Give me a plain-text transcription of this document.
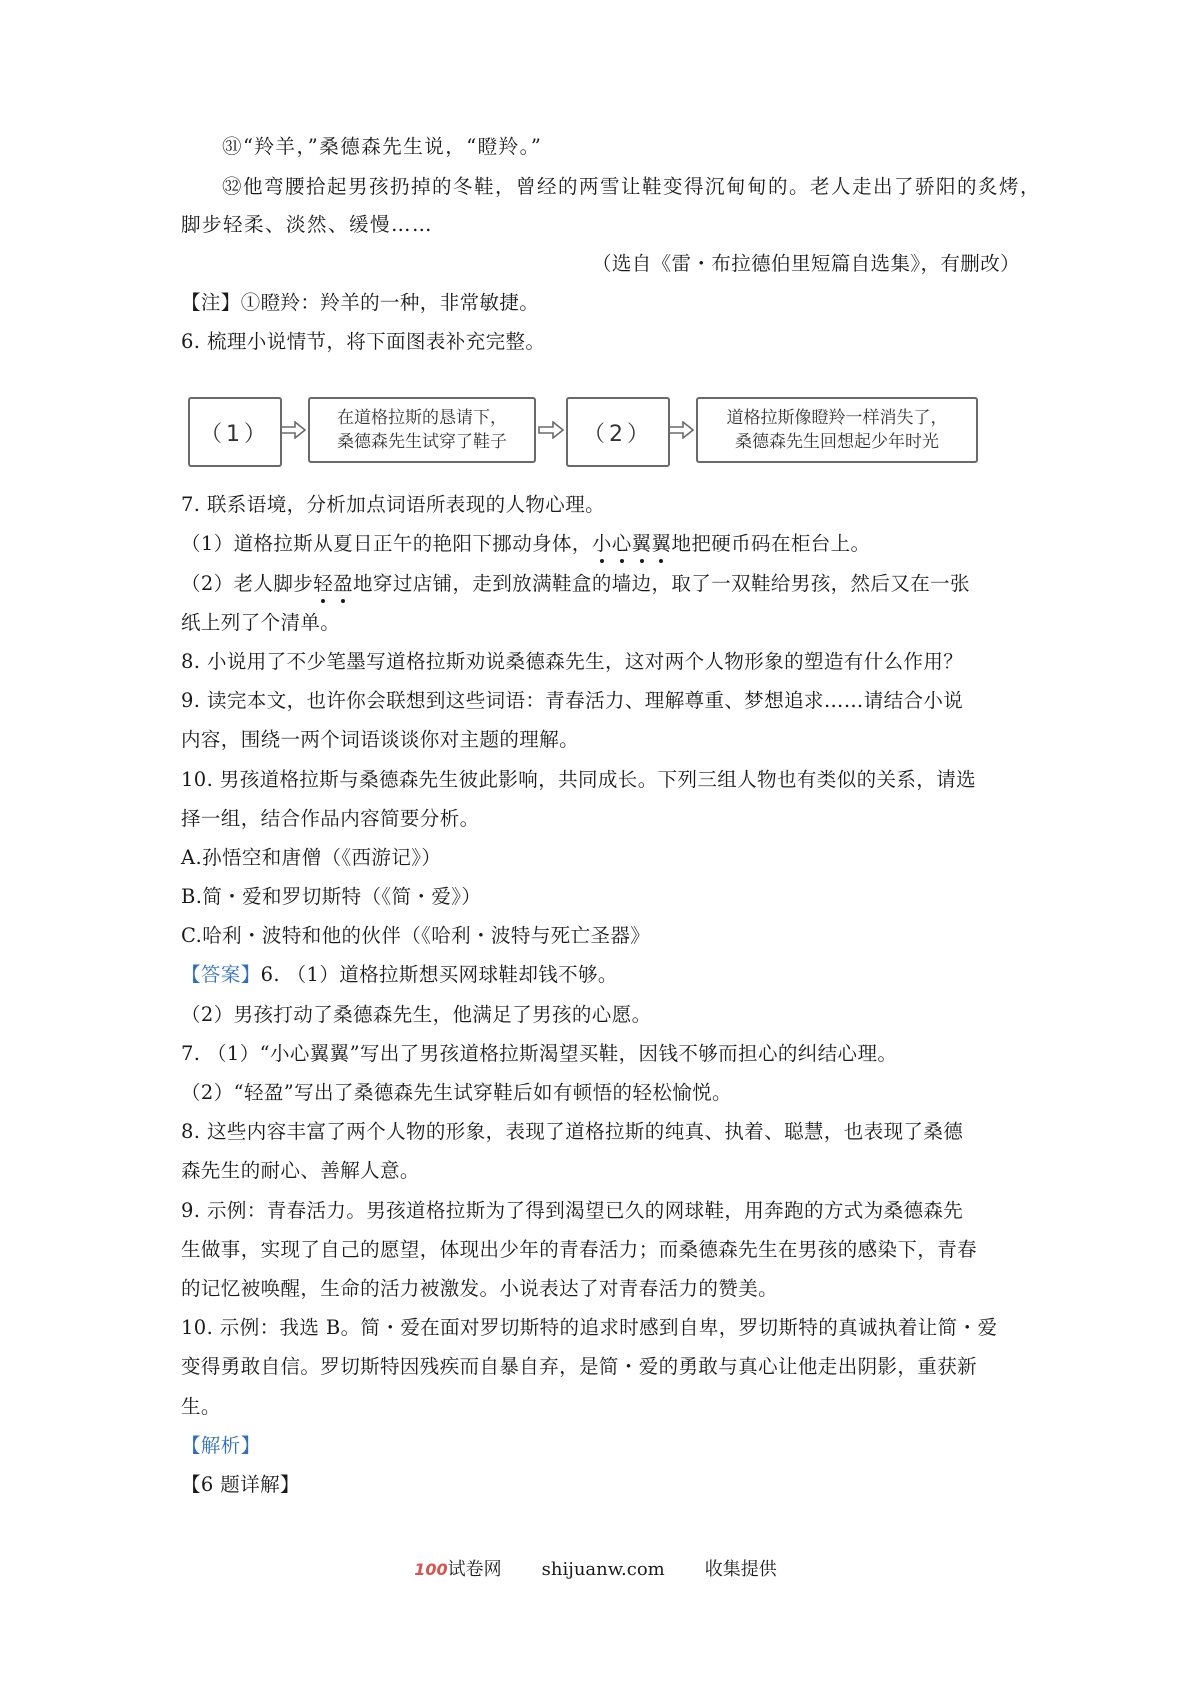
㉛“羚羊，”桑德森先生说，“瞪羚。”
㉜他弯腰拾起男孩扔掉的冬鞋，曾经的两雪让鞋变得沉甸甸的。老人走出了骄阳的炙烤，
脚步轻柔、淡然、缓慢……
（选自《雷・布拉德伯里短篇自选集》，有删改）
【注】①瞪羚：羚羊的一种，非常敏捷。
6. 梳理小说情节，将下面图表补充完整。
（1）
在道格拉斯的恳请下，
桑德森先生试穿了鞋子	（2）
道格拉斯像瞪羚一样消失了，
桑德森先生回想起少年时光
7. 联系语境，分析加点词语所表现的人物心理。
（1）道格拉斯从夏日正午的艳阳下挪动身体，小心翼翼地把硬币码在柜台上。
（2）老人脚步轻盈地穿过店铺，走到放满鞋盒的墙边，取了一双鞋给男孩，然后又在一张
纸上列了个清单。
8. 小说用了不少笔墨写道格拉斯劝说桑德森先生，这对两个人物形象的塑造有什么作用？
9. 读完本文，也许你会联想到这些词语：青春活力、理解尊重、梦想追求……请结合小说
内容，围绕一两个词语谈谈你对主题的理解。
10. 男孩道格拉斯与桑德森先生彼此影响，共同成长。下列三组人物也有类似的关系，请选
择一组，结合作品内容简要分析。
A.孙悟空和唐僧（《西游记》）
B.简・爱和罗切斯特（《简・爱》）
C.哈利・波特和他的伙伴（《哈利・波特与死亡圣器》
【答案】6. （1）道格拉斯想买网球鞋却钱不够。
（2）男孩打动了桑德森先生，他满足了男孩的心愿。
7. （1）“小心翼翼”写出了男孩道格拉斯渴望买鞋，因钱不够而担心的纠结心理。
（2）“轻盈”写出了桑德森先生试穿鞋后如有顿悟的轻松愉悦。
8. 这些内容丰富了两个人物的形象，表现了道格拉斯的纯真、执着、聪慧，也表现了桑德
森先生的耐心、善解人意。
9. 示例：青春活力。男孩道格拉斯为了得到渴望已久的网球鞋，用奔跑的方式为桑德森先
生做事，实现了自己的愿望，体现出少年的青春活力；而桑德森先生在男孩的感染下，青春
的记忆被唤醒，生命的活力被激发。小说表达了对青春活力的赞美。
10. 示例：我选 B。简・爱在面对罗切斯特的追求时感到自卑，罗切斯特的真诚执着让简・爱
变得勇敢自信。罗切斯特因残疾而自暴自弃，是简・爱的勇敢与真心让他走出阴影，重获新
生。
【解析】
【6 题详解】
100试卷网 shijuanw.com 收集提供
